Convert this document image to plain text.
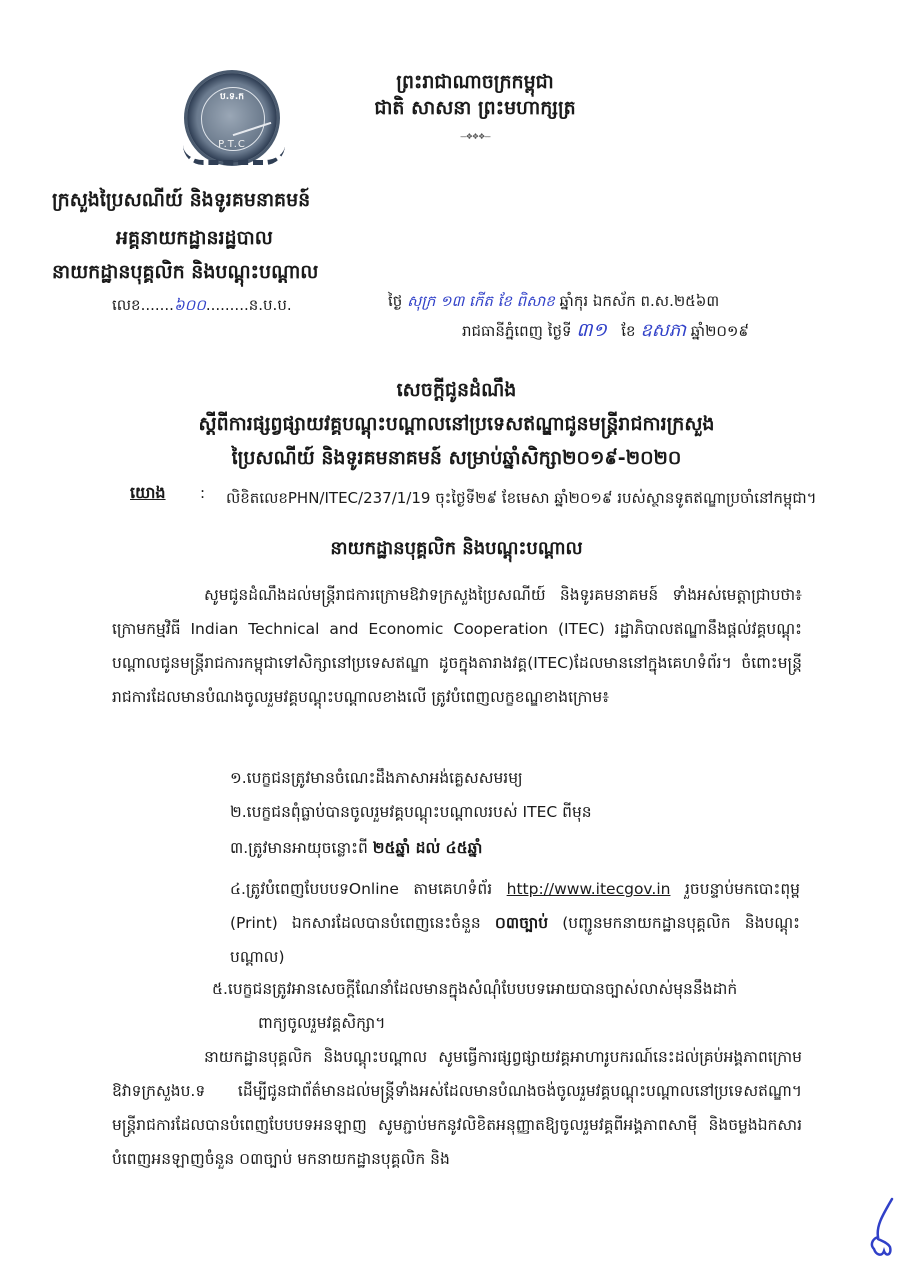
ប.ទ.ក
P.T.C
ព្រះរាជាណាចក្រកម្ពុជា
ជាតិ សាសនា ព្រះមហាក្សត្រ
---❖❖❖---
ក្រសួងប្រៃសណីយ៍ និងទូរគមនាគមន៍
អគ្គនាយកដ្ឋានរដ្ឋបាល
នាយកដ្ឋានបុគ្គលិក និងបណ្តុះបណ្តាល
លេខ.......៦០០.........ន.ប.ប.	ថ្ងៃ សុក្រ ១៣ កើត ខែ ពិសាខ ឆ្នាំកុរ ឯកស័ក ព.ស.២៥៦៣
រាជធានីភ្នំពេញ ថ្ងៃទី ៣១ ខែ ឧសភា ឆ្នាំ២០១៩
សេចក្តីជូនដំណឹង
ស្តីពីការផ្សព្វផ្សាយវគ្គបណ្តុះបណ្តាលនៅប្រទេសឥណ្ឌាជូនមន្ត្រីរាជការក្រសួង
ប្រៃសណីយ៍ និងទូរគមនាគមន៍ សម្រាប់ឆ្នាំសិក្សា២០១៩-២០២០
យោង : លិខិតលេខPHN/ITEC/237/1/19 ចុះថ្ងៃទី២៩ ខែមេសា ឆ្នាំ២០១៩ របស់ស្ថានទូតឥណ្ឌាប្រចាំនៅកម្ពុជា។
នាយកដ្ឋានបុគ្គលិក និងបណ្តុះបណ្តាល
សូមជូនដំណឹងដល់មន្ត្រីរាជការក្រោមឱវាទក្រសួងប្រៃសណីយ៍ និងទូរគមនាគមន៍ ទាំងអស់មេត្តាជ្រាបថា៖ ក្រោមកម្មវិធី Indian Technical and Economic Cooperation (ITEC) រដ្ឋាភិបាលឥណ្ឌានឹងផ្តល់វគ្គបណ្តុះបណ្តាលជូនមន្ត្រីរាជការកម្ពុជាទៅសិក្សានៅប្រទេសឥណ្ឌា ដូចក្នុងតារាងវគ្គ(ITEC)ដែលមាននៅក្នុងគេហទំព័រ។ ចំពោះមន្ត្រីរាជការដែលមានបំណងចូលរួមវគ្គបណ្តុះបណ្តាលខាងលើ ត្រូវបំពេញលក្ខខណ្ឌខាងក្រោម៖
១.បេក្ខជនត្រូវមានចំណេះដឹងភាសាអង់គ្លេសសមរម្យ
២.បេក្ខជនពុំធ្លាប់បានចូលរួមវគ្គបណ្តុះបណ្តាលរបស់ ITEC ពីមុន
៣.ត្រូវមានអាយុចន្លោះពី ២៥ឆ្នាំ ដល់ ៤៥ឆ្នាំ
៤.ត្រូវបំពេញបែបបទOnline តាមគេហទំព័រ http://www.itecgov.in រួចបន្ទាប់មកបោះពុម្ព (Print) ឯកសារដែលបានបំពេញនេះចំនួន ០៣ច្បាប់ (បញ្ជូនមកនាយកដ្ឋានបុគ្គលិក និងបណ្តុះបណ្តាល)
៥.បេក្ខជនត្រូវអានសេចក្តីណែនាំដែលមានក្នុងសំណុំបែបបទអោយបានច្បាស់លាស់មុននឹងដាក់
ពាក្យចូលរួមវគ្គសិក្សា។
នាយកដ្ឋានបុគ្គលិក និងបណ្តុះបណ្តាល សូមធ្វើការផ្សព្វផ្សាយវគ្គអាហារូបករណ៍នេះដល់គ្រប់អង្គភាពក្រោមឱវាទក្រសួងប.ទ ដើម្បីជូនជាព័ត៌មានដល់មន្ត្រីទាំងអស់ដែលមានបំណងចង់ចូលរួមវគ្គបណ្តុះបណ្តាលនៅប្រទេសឥណ្ឌា។ មន្ត្រីរាជការដែលបានបំពេញបែបបទអនឡាញ សូមភ្ជាប់មកនូវលិខិតអនុញ្ញាតឱ្យចូលរួមវគ្គពីអង្គភាពសាមុី និងចម្លងឯកសារបំពេញអនឡាញចំនួន ០៣ច្បាប់ មកនាយកដ្ឋានបុគ្គលិក និង
